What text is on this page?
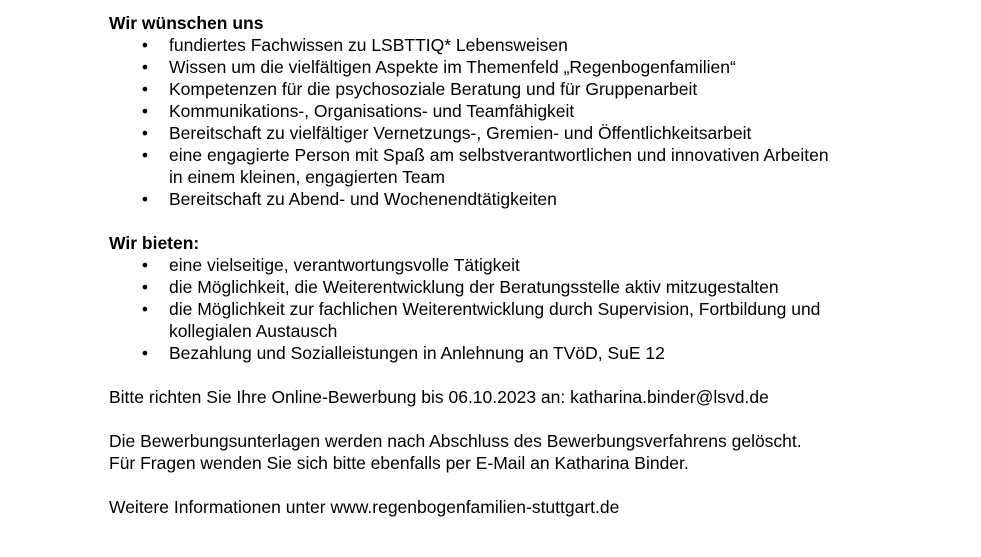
Wir wünschen uns
• fundiertes Fachwissen zu LSBTTIQ* Lebensweisen
• Wissen um die vielfältigen Aspekte im Themenfeld „Regenbogenfamilien“
• Kompetenzen für die psychosoziale Beratung und für Gruppenarbeit
• Kommunikations-, Organisations- und Teamfähigkeit
• Bereitschaft zu vielfältiger Vernetzungs-, Gremien- und Öffentlichkeitsarbeit
• eine engagierte Person mit Spaß am selbstverantwortlichen und innovativen Arbeiten
in einem kleinen, engagierten Team
• Bereitschaft zu Abend- und Wochenendtätigkeiten
Wir bieten:
• eine vielseitige, verantwortungsvolle Tätigkeit
• die Möglichkeit, die Weiterentwicklung der Beratungsstelle aktiv mitzugestalten
• die Möglichkeit zur fachlichen Weiterentwicklung durch Supervision, Fortbildung und
kollegialen Austausch
• Bezahlung und Sozialleistungen in Anlehnung an TVöD, SuE 12
Bitte richten Sie Ihre Online-Bewerbung bis 06.10.2023 an: katharina.binder@lsvd.de
Die Bewerbungsunterlagen werden nach Abschluss des Bewerbungsverfahrens gelöscht.
Für Fragen wenden Sie sich bitte ebenfalls per E-Mail an Katharina Binder.
Weitere Informationen unter www.regenbogenfamilien-stuttgart.de
